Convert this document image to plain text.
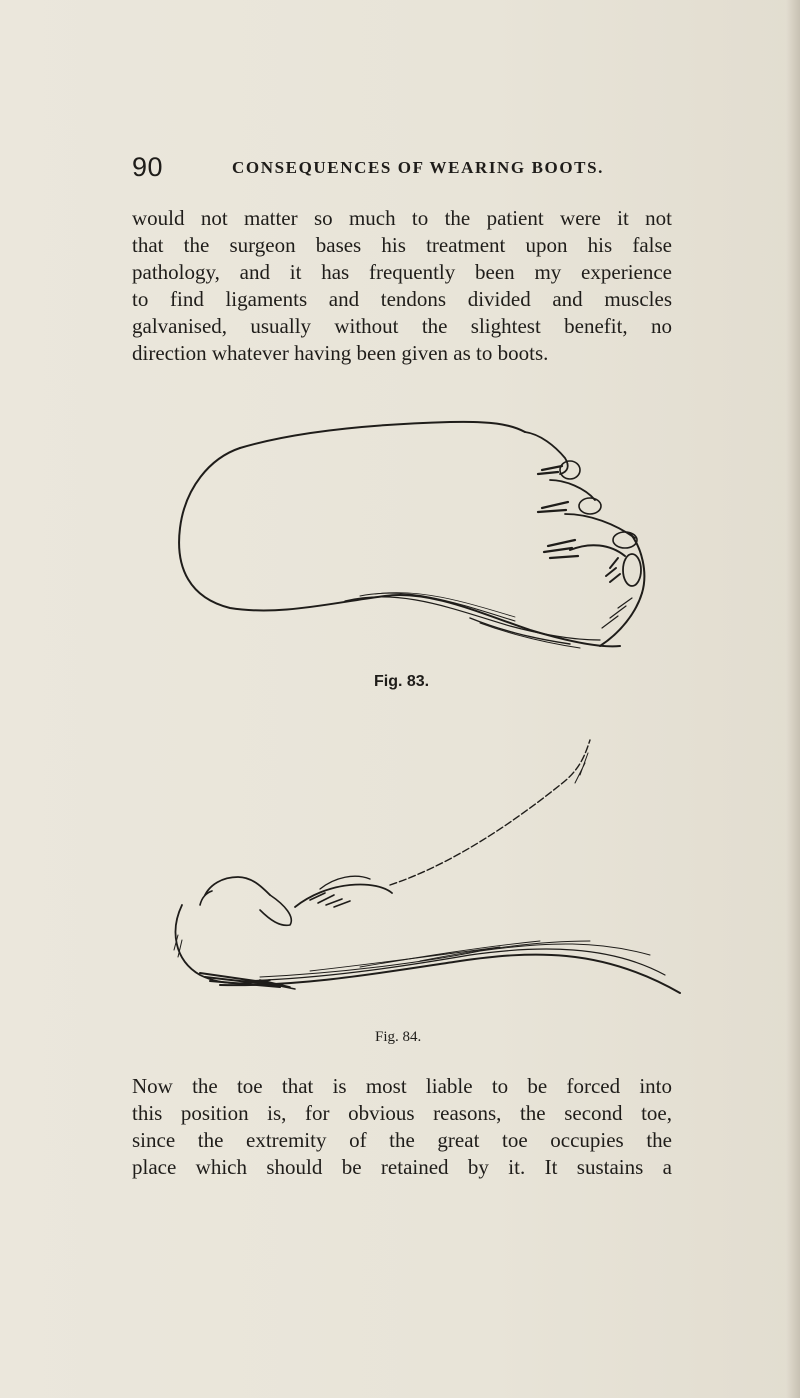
90	CONSEQUENCES OF WEARING BOOTS.
would not matter so much to the patient were it not
that the surgeon bases his treatment upon his false
pathology, and it has frequently been my experience
to find ligaments and tendons divided and muscles
galvanised, usually without the slightest benefit, no
direction whatever having been given as to boots.
Fig. 83.
Fig. 84.
Now the toe that is most liable to be forced into
this position is, for obvious reasons, the second toe,
since the extremity of the great toe occupies the
place which should be retained by it. It sustains a
